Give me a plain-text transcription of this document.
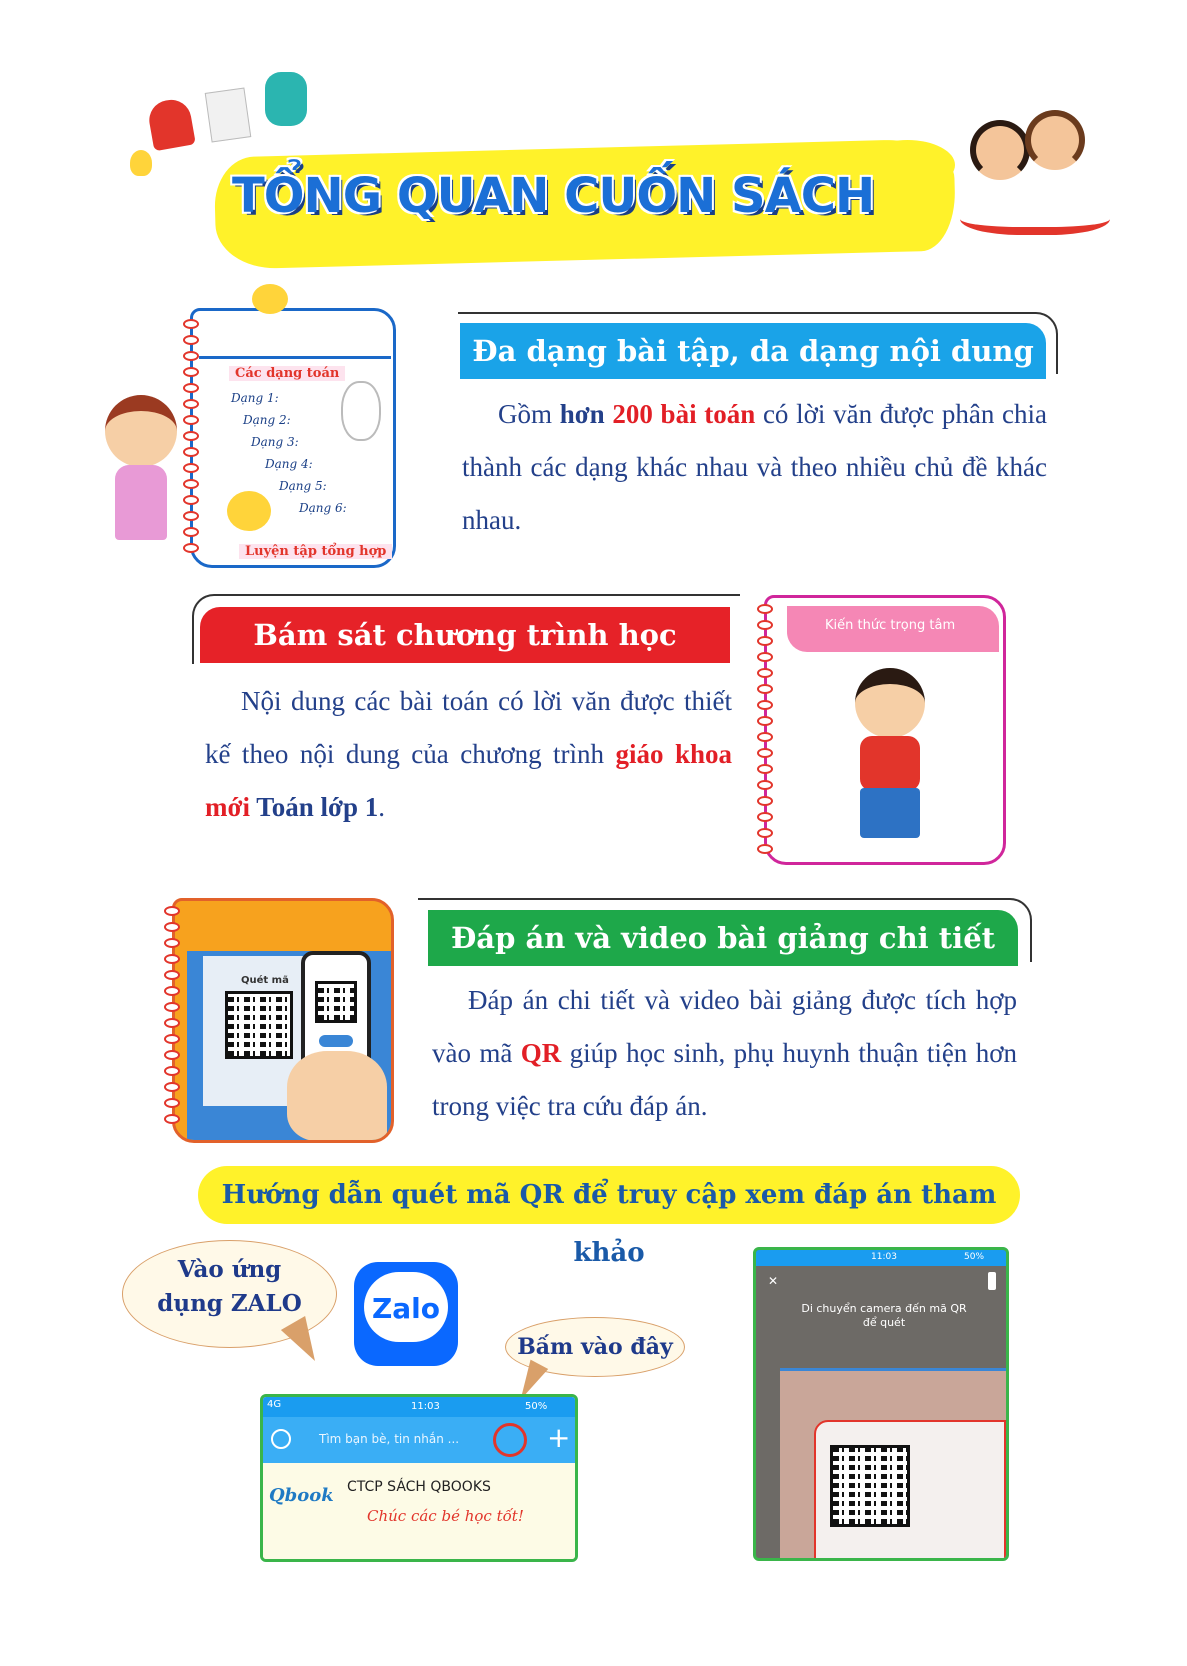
TỔNG QUAN CUỐN SÁCH
Các dạng toán
Dạng 1:
Dạng 2:
Dạng 3:
Dạng 4:
Dạng 5:
Dạng 6:
Luyện tập tổng hợp
Đa dạng bài tập, da dạng nội dung
Gồm hơn 200 bài toán có lời văn được phân chia thành các dạng khác nhau và theo nhiều chủ đề khác nhau.
Bám sát chương trình học
Nội dung các bài toán có lời văn được thiết kế theo nội dung của chương trình giáo khoa mới Toán lớp 1.
Kiến thức trọng tâm
Quét mã
Đáp án và video bài giảng chi tiết
Đáp án chi tiết và video bài giảng được tích hợp vào mã QR giúp học sinh, phụ huynh thuận tiện hơn trong việc tra cứu đáp án.
Hướng dẫn quét mã QR để truy cập xem đáp án tham khảo
Vào ứng dụng ZALO	Zalo
Bấm vào đây
4G	11:03	50%
Tìm bạn bè, tin nhắn ...	+
Qbook CTCP SÁCH QBOOKS
Chúc các bé học tốt!
11:03	50%
✕
Di chuyển camera đến mã QR để quét
